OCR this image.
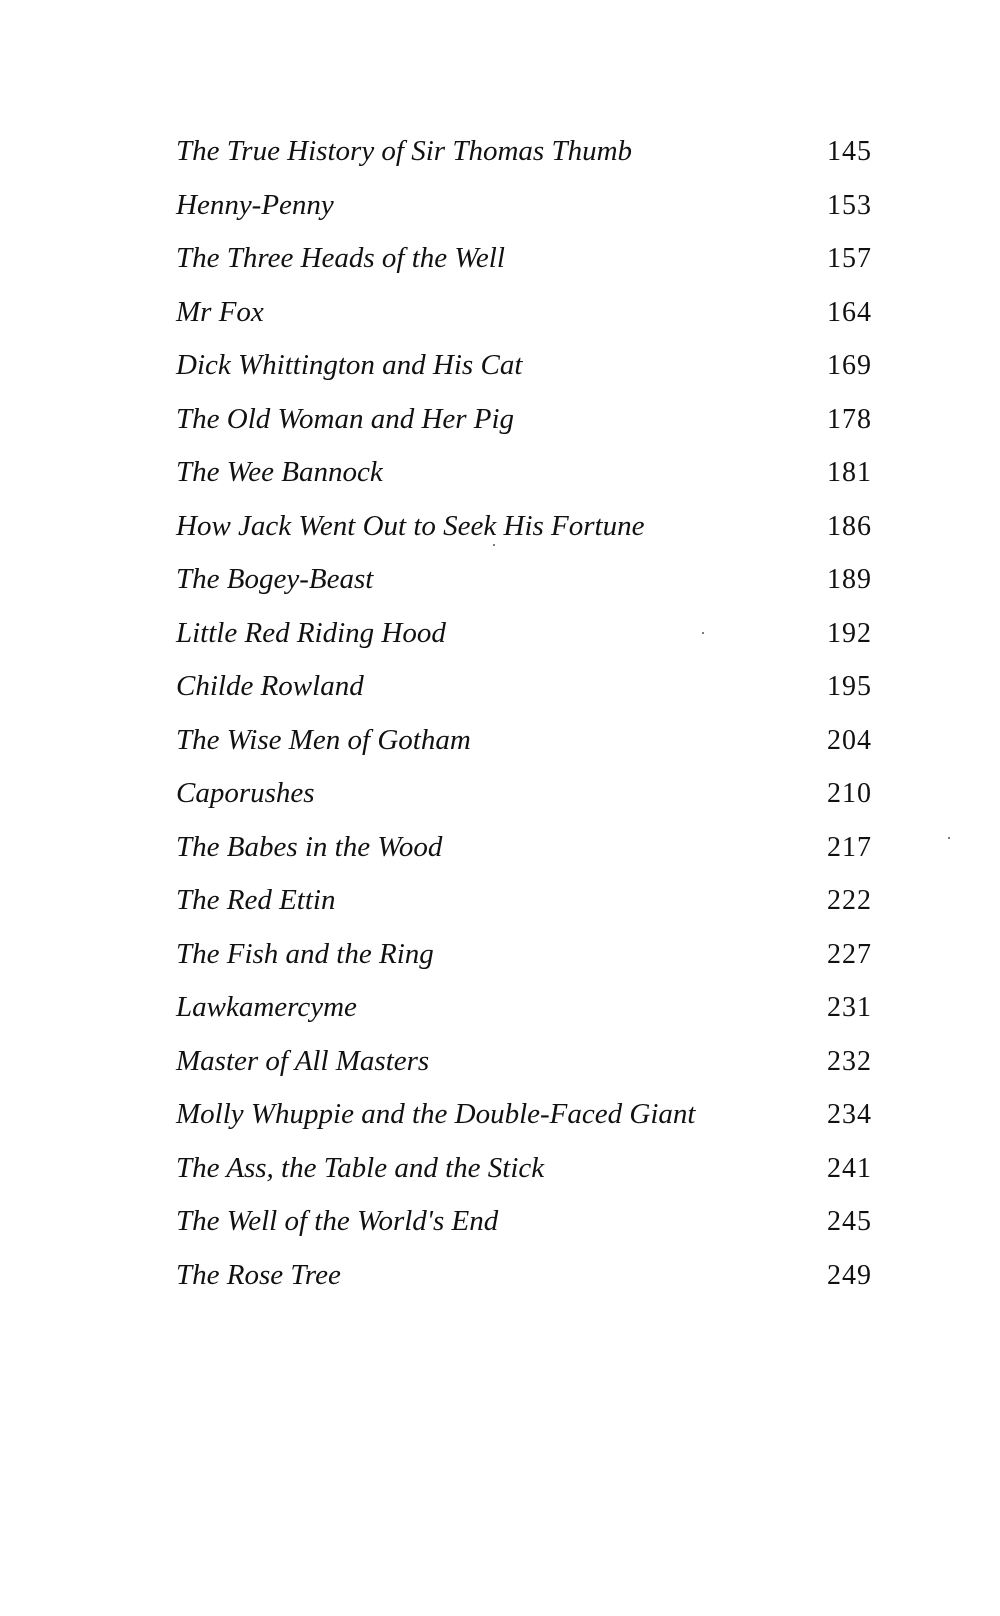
The True History of Sir Thomas Thumb	145
Henny-Penny	153
The Three Heads of the Well	157
Mr Fox	164
Dick Whittington and His Cat	169
The Old Woman and Her Pig	178
The Wee Bannock	181
How Jack Went Out to Seek His Fortune	186
The Bogey-Beast	189
Little Red Riding Hood	192
Childe Rowland	195
The Wise Men of Gotham	204
Caporushes	210
The Babes in the Wood	217
The Red Ettin	222
The Fish and the Ring	227
Lawkamercyme	231
Master of All Masters	232
Molly Whuppie and the Double-Faced Giant	234
The Ass, the Table and the Stick	241
The Well of the World's End	245
The Rose Tree	249
